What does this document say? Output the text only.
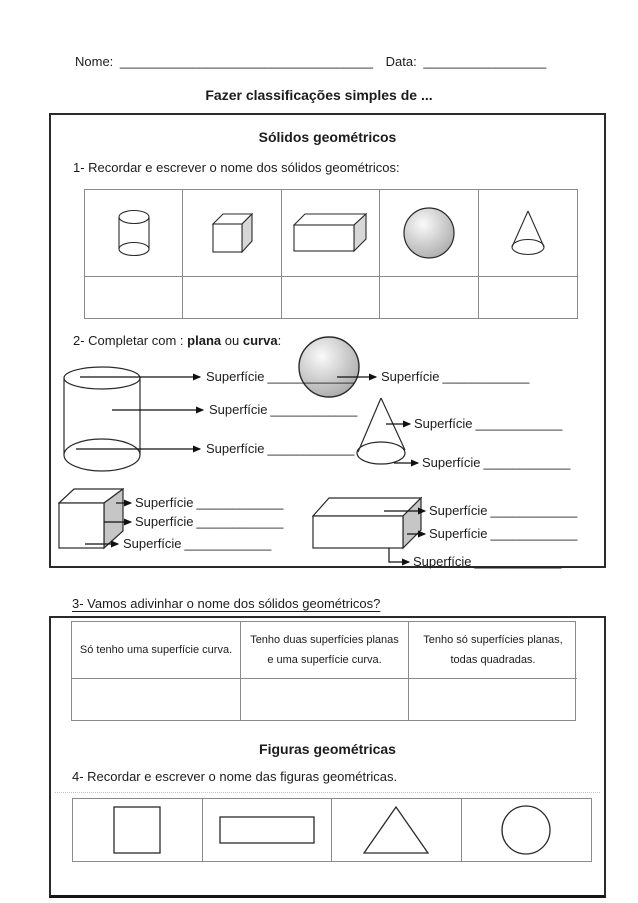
Nome: ___________________________________ Data: _________________
Fazer classificações simples de ...
Sólidos geométricos
1- Recordar e escrever o nome dos sólidos geométricos:
2- Completar com : plana ou curva:
Superfície ____________
Superfície ____________
Superfície ____________
Superfície ____________
Superfície ____________
Superfície ____________
Superfície ____________
Superfície ____________
Superfície ____________
Superfície ____________
Superfície ____________
Superfície ____________
3- Vamos adivinhar o nome dos sólidos geométricos?
Só tenho uma superfície curva.
Tenho duas superfícies planas e uma superfície curva.
Tenho só superfícies planas, todas quadradas.
Figuras geométricas
4- Recordar e escrever o nome das figuras geométricas.
